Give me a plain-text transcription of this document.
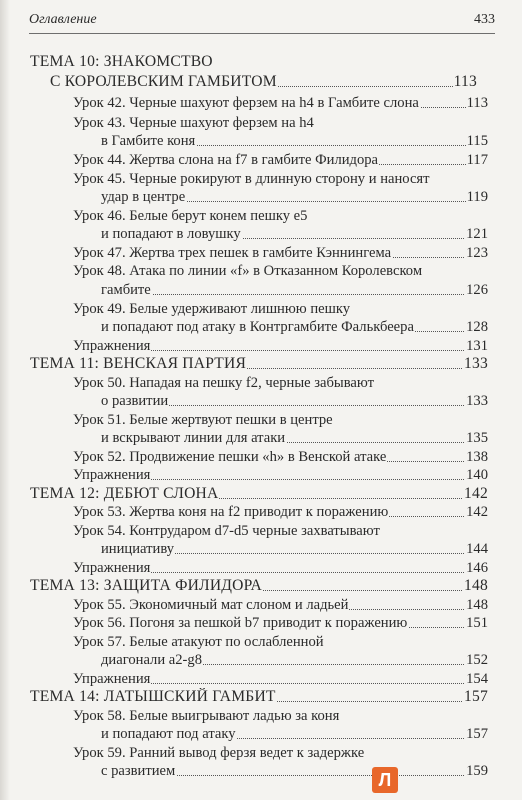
Оглавление	433
ТЕМА 10: ЗНАКОМСТВО
С КОРОЛЕВСКИМ ГАМБИТОМ	113
Урок 42. Черные шахуют ферзем на h4 в Гамбите слона	113
Урок 43. Черные шахуют ферзем на h4
в Гамбите коня	115
Урок 44. Жертва слона на f7 в гамбите Филидора	117
Урок 45. Черные рокируют в длинную сторону и наносят
удар в центре	119
Урок 46. Белые берут конем пешку е5
и попадают в ловушку	121
Урок 47. Жертва трех пешек в гамбите Кэннингема	123
Урок 48. Атака по линии «f» в Отказанном Королевском
гамбите	126
Урок 49. Белые удерживают лишнюю пешку
и попадают под атаку в Контргамбите Фалькбеера	128
Упражнения	131
ТЕМА 11: ВЕНСКАЯ ПАРТИЯ	133
Урок 50. Нападая на пешку f2, черные забывают
о развитии	133
Урок 51. Белые жертвуют пешки в центре
и вскрывают линии для атаки	135
Урок 52. Продвижение пешки «h» в Венской атаке	138
Упражнения	140
ТЕМА 12: ДЕБЮТ СЛОНА	142
Урок 53. Жертва коня на f2 приводит к поражению	142
Урок 54. Контрударом d7-d5 черные захватывают
инициативу	144
Упражнения	146
ТЕМА 13: ЗАЩИТА ФИЛИДОРА	148
Урок 55. Экономичный мат слоном и ладьей	148
Урок 56. Погоня за пешкой b7 приводит к поражению	151
Урок 57. Белые атакуют по ослабленной
диагонали a2-g8	152
Упражнения	154
ТЕМА 14: ЛАТЫШСКИЙ ГАМБИТ	157
Урок 58. Белые выигрывают ладью за коня
и попадают под атаку	157
Урок 59. Ранний вывод ферзя ведет к задержке
с развитием	159
Л
